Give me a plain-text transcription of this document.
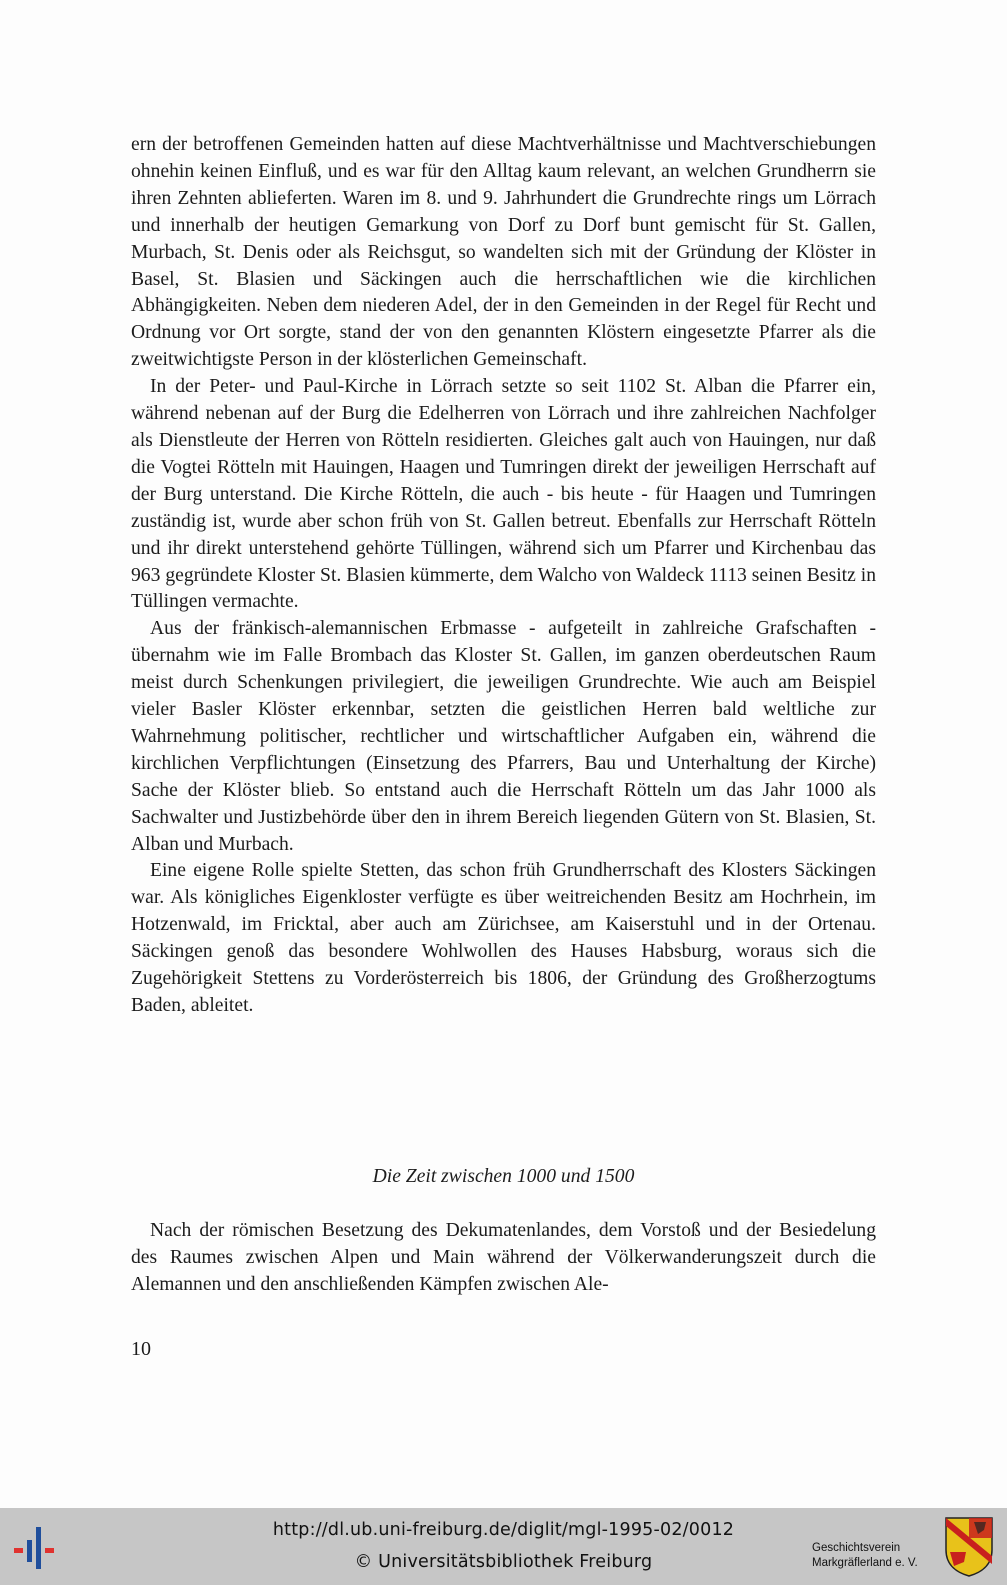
ern der betroffenen Gemeinden hatten auf diese Machtverhältnisse und Machtverschiebungen ohnehin keinen Einfluß, und es war für den Alltag kaum relevant, an welchen Grundherrn sie ihren Zehnten ablieferten. Waren im 8. und 9. Jahrhundert die Grundrechte rings um Lörrach und innerhalb der heutigen Gemarkung von Dorf zu Dorf bunt gemischt für St. Gallen, Murbach, St. Denis oder als Reichsgut, so wandelten sich mit der Gründung der Klöster in Basel, St. Blasien und Säckingen auch die herrschaftlichen wie die kirchlichen Abhängigkeiten. Neben dem niederen Adel, der in den Gemeinden in der Regel für Recht und Ordnung vor Ort sorgte, stand der von den genannten Klöstern eingesetzte Pfarrer als die zweitwichtigste Person in der klösterlichen Gemeinschaft.

In der Peter- und Paul-Kirche in Lörrach setzte so seit 1102 St. Alban die Pfarrer ein, während nebenan auf der Burg die Edelherren von Lörrach und ihre zahlreichen Nachfolger als Dienstleute der Herren von Rötteln residierten. Gleiches galt auch von Hauingen, nur daß die Vogtei Rötteln mit Hauingen, Haagen und Tumringen direkt der jeweiligen Herrschaft auf der Burg unterstand. Die Kirche Rötteln, die auch - bis heute - für Haagen und Tumringen zuständig ist, wurde aber schon früh von St. Gallen betreut. Ebenfalls zur Herrschaft Rötteln und ihr direkt unterstehend gehörte Tüllingen, während sich um Pfarrer und Kirchenbau das 963 gegründete Kloster St. Blasien kümmerte, dem Walcho von Waldeck 1113 seinen Besitz in Tüllingen vermachte.

Aus der fränkisch-alemannischen Erbmasse - aufgeteilt in zahlreiche Grafschaften - übernahm wie im Falle Brombach das Kloster St. Gallen, im ganzen oberdeutschen Raum meist durch Schenkungen privilegiert, die jeweiligen Grundrechte. Wie auch am Beispiel vieler Basler Klöster erkennbar, setzten die geistlichen Herren bald weltliche zur Wahrnehmung politischer, rechtlicher und wirtschaftlicher Aufgaben ein, während die kirchlichen Verpflichtungen (Einsetzung des Pfarrers, Bau und Unterhaltung der Kirche) Sache der Klöster blieb. So entstand auch die Herrschaft Rötteln um das Jahr 1000 als Sachwalter und Justizbehörde über den in ihrem Bereich liegenden Gütern von St. Blasien, St. Alban und Murbach.

Eine eigene Rolle spielte Stetten, das schon früh Grundherrschaft des Klosters Säckingen war. Als königliches Eigenkloster verfügte es über weitreichenden Besitz am Hochrhein, im Hotzenwald, im Fricktal, aber auch am Zürichsee, am Kaiserstuhl und in der Ortenau. Säckingen genoß das besondere Wohlwollen des Hauses Habsburg, woraus sich die Zugehörigkeit Stettens zu Vorderösterreich bis 1806, der Gründung des Großherzogtums Baden, ableitet.

Die Zeit zwischen 1000 und 1500

Nach der römischen Besetzung des Dekumatenlandes, dem Vorstoß und der Besiedelung des Raumes zwischen Alpen und Main während der Völkerwanderungszeit durch die Alemannen und den anschließenden Kämpfen zwischen Ale-

10
http://dl.ub.uni-freiburg.de/diglit/mgl-1995-02/0012
© Universitätsbibliothek Freiburg
Geschichtsverein
Markgräflerland e. V.
